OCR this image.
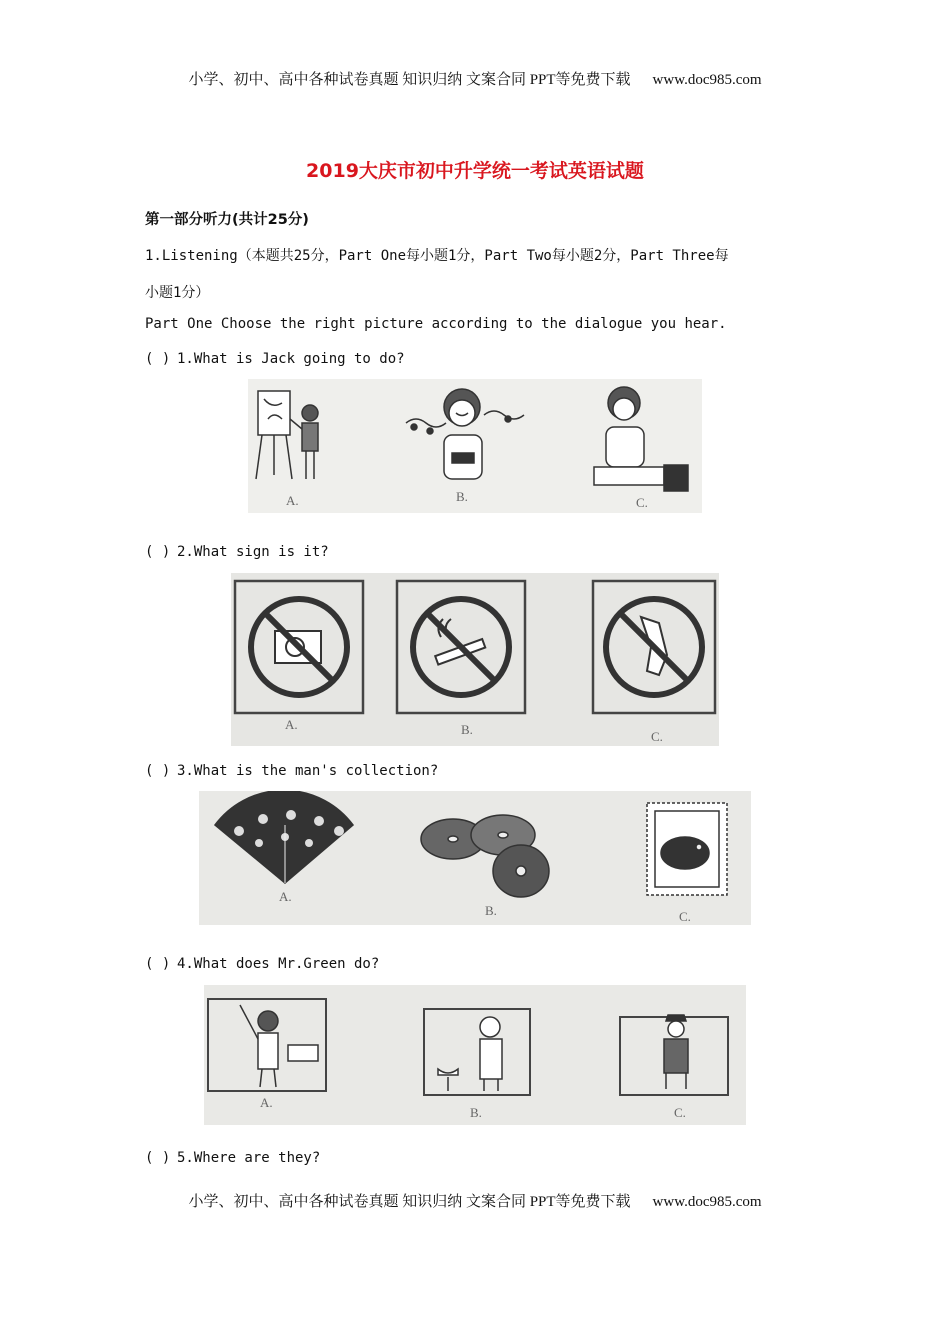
小学、初中、高中各种试卷真题 知识归纳 文案合同 PPT等免费下载 www.doc985.com
2019大庆市初中升学统一考试英语试题
第一部分听力(共计25分)
1.Listening（本题共25分，Part One每小题1分，Part Two每小题2分，Part Three每
小题1分）
Part One Choose the right picture according to the dialogue you hear.
( ) 1.What is Jack going to do?
A.	B.	C.
( ) 2.What sign is it?
A.	B.	C.
( ) 3.What is the man's collection?
A.
B.	C.
( ) 4.What does Mr.Green do?
A.
B.	C.
( ) 5.Where are they?
小学、初中、高中各种试卷真题 知识归纳 文案合同 PPT等免费下载 www.doc985.com
